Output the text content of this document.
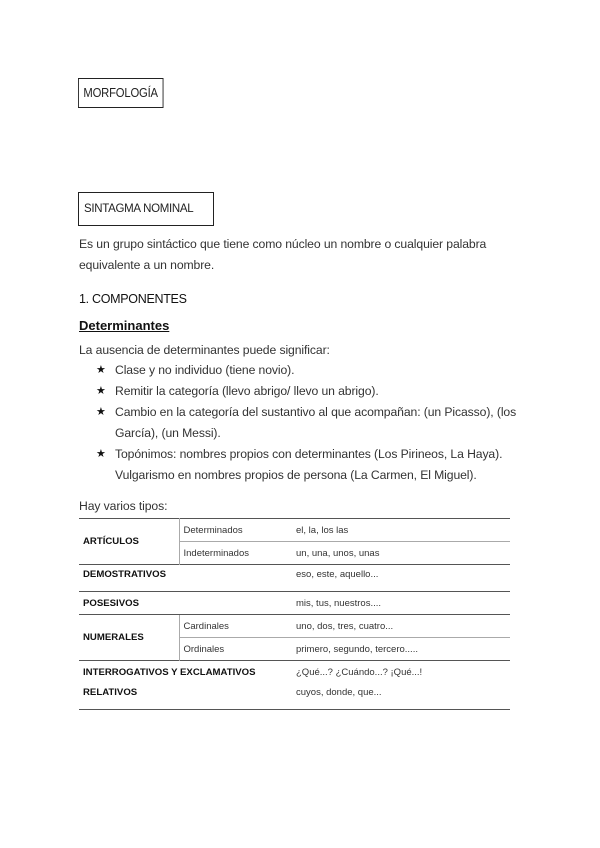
MORFOLOGÍA
SINTAGMA NOMINAL
Es un grupo sintáctico que tiene como núcleo un nombre o cualquier palabra equivalente a un nombre.
1. COMPONENTES
Determinantes
La ausencia de determinantes puede significar:
★ Clase y no individuo (tiene novio).
★ Remitir la categoría (llevo abrigo/ llevo un abrigo).
★ Cambio en la categoría del sustantivo al que acompañan: (un Picasso), (los García), (un Messi).
★ Topónimos: nombres propios con determinantes (Los Pirineos, La Haya). Vulgarismo en nombres propios de persona (La Carmen, El Miguel).
Hay varios tipos:
ARTÍCULOS	Determinados	el, la, los las
	Indeterminados	un, una, unos, unas
DEMOSTRATIVOS		eso, este, aquello...
POSESIVOS		mis, tus, nuestros....
NUMERALES	Cardinales	uno, dos, tres, cuatro...
	Ordinales	primero, segundo, tercero.....
INTERROGATIVOS Y EXCLAMATIVOS		¿Qué...? ¿Cuándo...? ¡Qué...!
RELATIVOS		cuyos, donde, que...
